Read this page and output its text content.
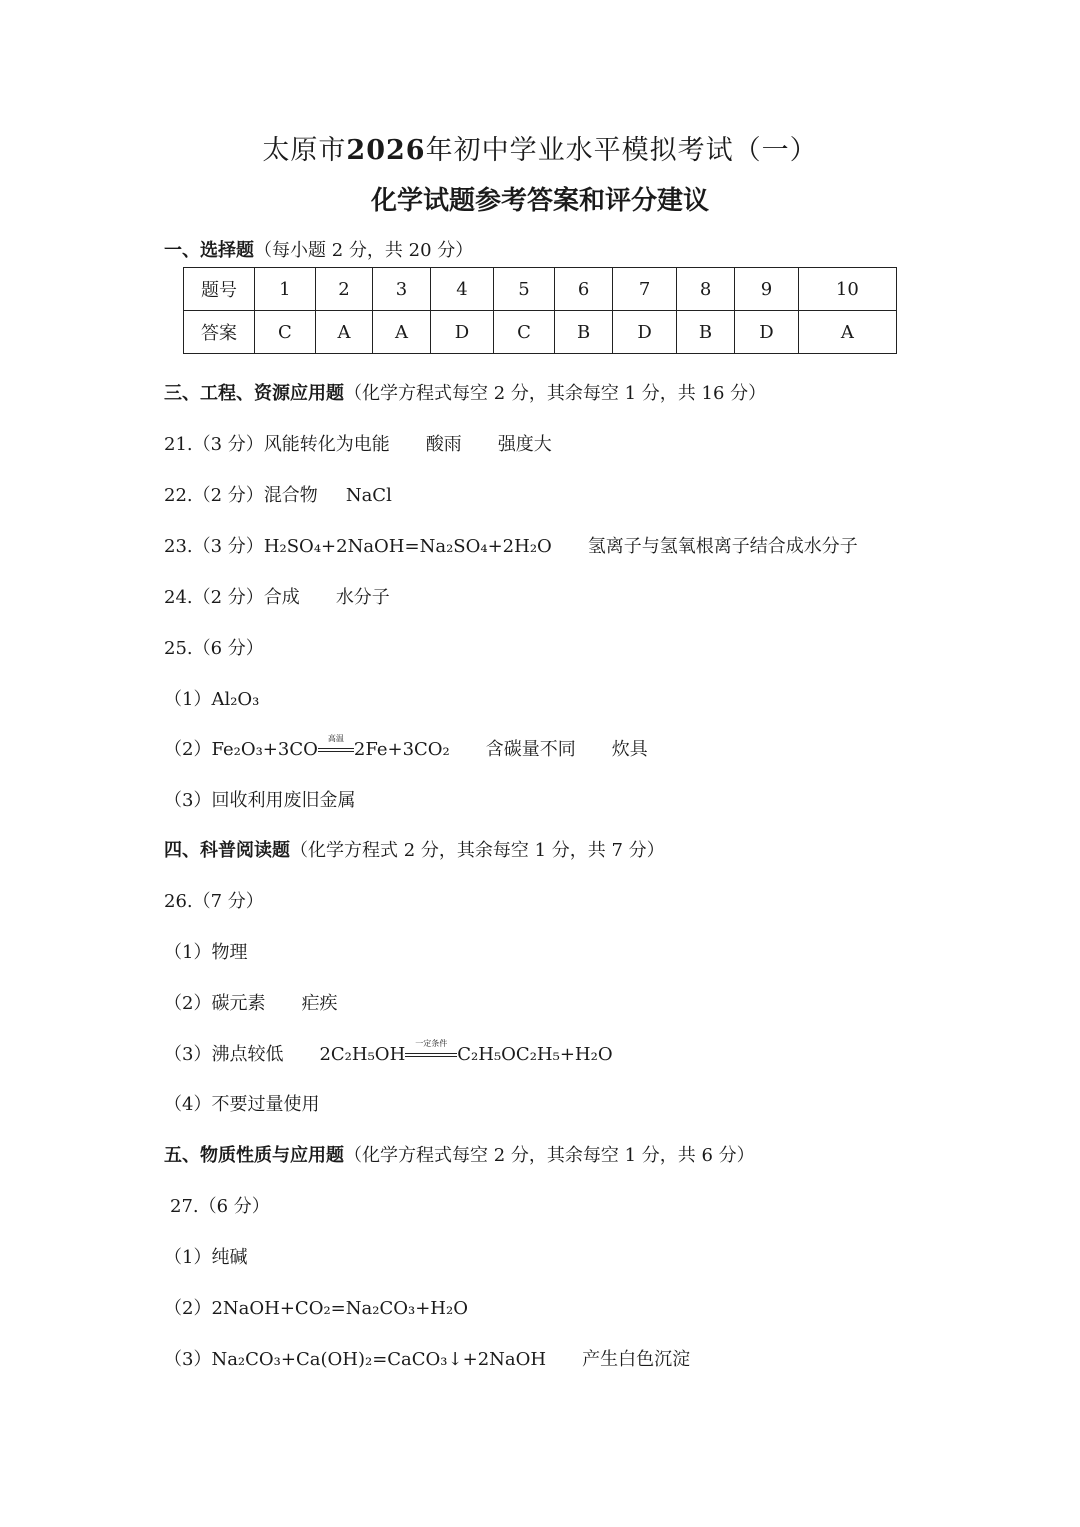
太原市2026年初中学业水平模拟考试（一）
化学试题参考答案和评分建议
一、选择题（每小题 2 分，共 20 分）
题号	1	2	3	4	5	6	7	8	9	10
答案	C	A	A	D	C	B	D	B	D	A
三、工程、资源应用题（化学方程式每空 2 分，其余每空 1 分，共 16 分）
21.（3 分）风能转化为电能 酸雨 强度大
22.（2 分）混合物 NaCl
23.（3 分）H₂SO₄+2NaOH=Na₂SO₄+2H₂O 氢离子与氢氧根离子结合成水分子
24.（2 分）合成 水分子
25.（6 分）
（1）Al₂O₃
（2）Fe₂O₃+3CO
高温
2Fe+3CO₂ 含碳量不同 炊具
（3）回收利用废旧金属
四、科普阅读题（化学方程式 2 分，其余每空 1 分，共 7 分）
26.（7 分）
（1）物理
（2）碳元素 疟疾
（3）沸点较低 2C₂H₅OH
一定条件
C₂H₅OC₂H₅+H₂O
（4）不要过量使用
五、物质性质与应用题（化学方程式每空 2 分，其余每空 1 分，共 6 分）
27.（6 分）
（1）纯碱
（2）2NaOH+CO₂=Na₂CO₃+H₂O
（3）Na₂CO₃+Ca(OH)₂=CaCO₃↓+2NaOH 产生白色沉淀
